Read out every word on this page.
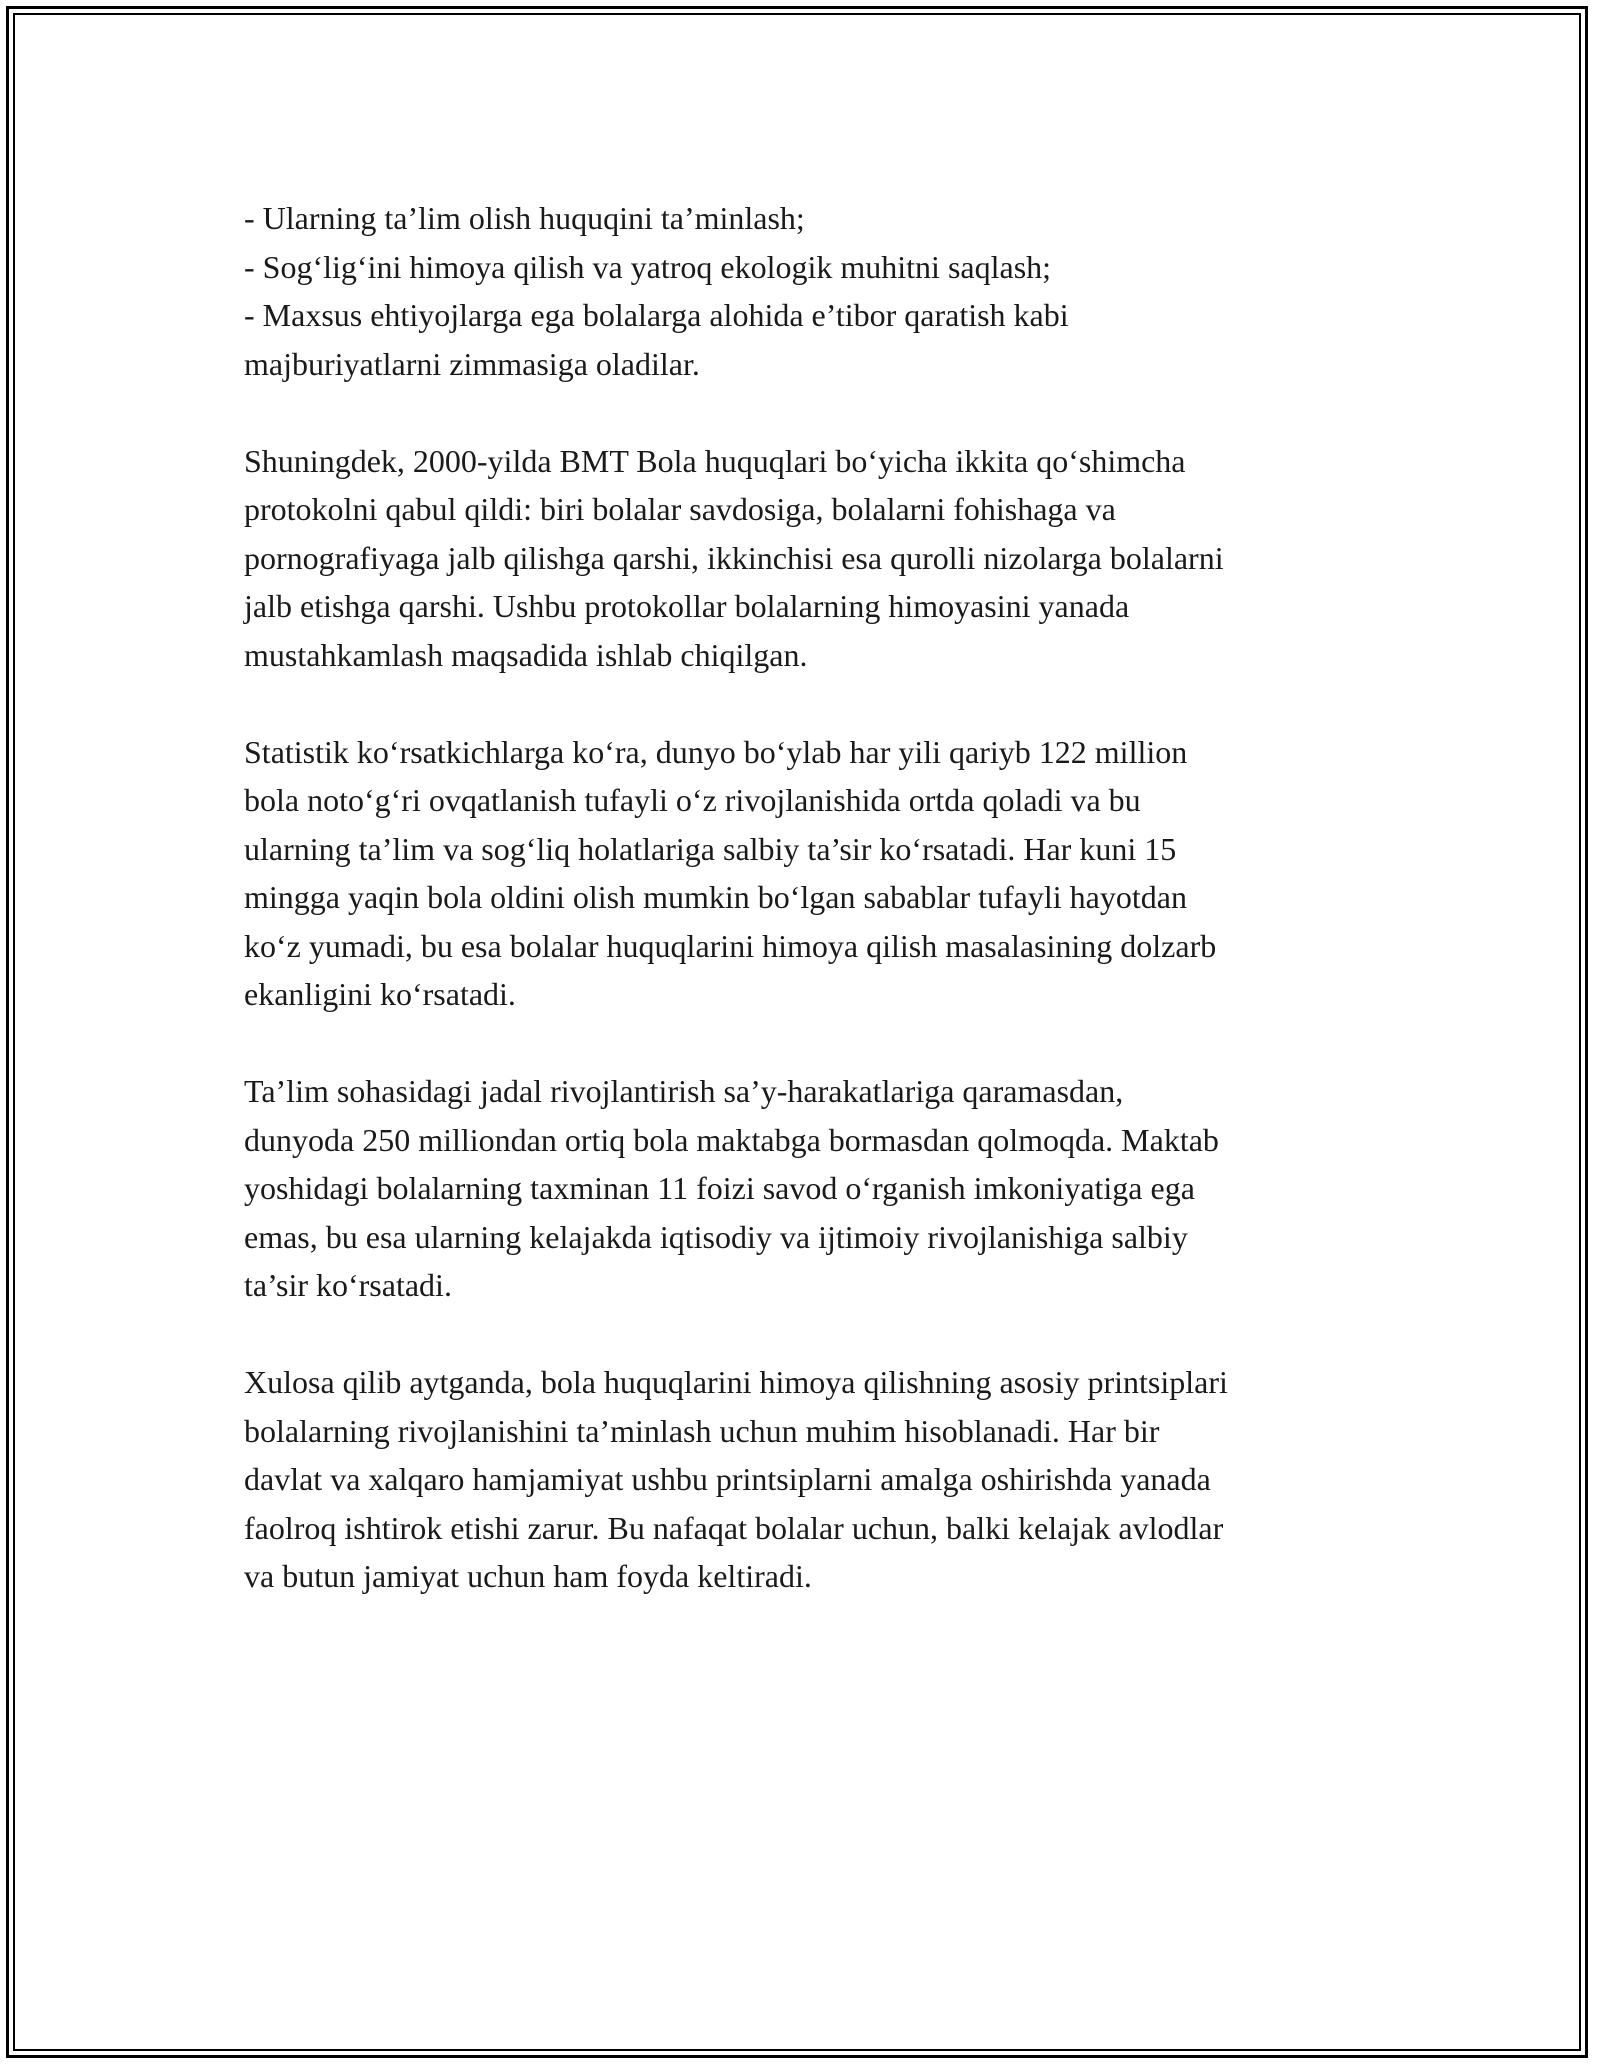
- Ularning ta’lim olish huquqini ta’minlash;
- Sog‘lig‘ini himoya qilish va yatroq ekologik muhitni saqlash;
- Maxsus ehtiyojlarga ega bolalarga alohida e’tibor qaratish kabi
majburiyatlarni zimmasiga oladilar.
Shuningdek, 2000-yilda BMT Bola huquqlari bo‘yicha ikkita qo‘shimcha
protokolni qabul qildi: biri bolalar savdosiga, bolalarni fohishaga va
pornografiyaga jalb qilishga qarshi, ikkinchisi esa qurolli nizolarga bolalarni
jalb etishga qarshi. Ushbu protokollar bolalarning himoyasini yanada
mustahkamlash maqsadida ishlab chiqilgan.
Statistik ko‘rsatkichlarga ko‘ra, dunyo bo‘ylab har yili qariyb 122 million
bola noto‘g‘ri ovqatlanish tufayli o‘z rivojlanishida ortda qoladi va bu
ularning ta’lim va sog‘liq holatlariga salbiy ta’sir ko‘rsatadi. Har kuni 15
mingga yaqin bola oldini olish mumkin bo‘lgan sabablar tufayli hayotdan
ko‘z yumadi, bu esa bolalar huquqlarini himoya qilish masalasining dolzarb
ekanligini ko‘rsatadi.
Ta’lim sohasidagi jadal rivojlantirish sa’y-harakatlariga qaramasdan,
dunyoda 250 milliondan ortiq bola maktabga bormasdan qolmoqda. Maktab
yoshidagi bolalarning taxminan 11 foizi savod o‘rganish imkoniyatiga ega
emas, bu esa ularning kelajakda iqtisodiy va ijtimoiy rivojlanishiga salbiy
ta’sir ko‘rsatadi.
Xulosa qilib aytganda, bola huquqlarini himoya qilishning asosiy printsiplari
bolalarning rivojlanishini ta’minlash uchun muhim hisoblanadi. Har bir
davlat va xalqaro hamjamiyat ushbu printsiplarni amalga oshirishda yanada
faolroq ishtirok etishi zarur. Bu nafaqat bolalar uchun, balki kelajak avlodlar
va butun jamiyat uchun ham foyda keltiradi.
